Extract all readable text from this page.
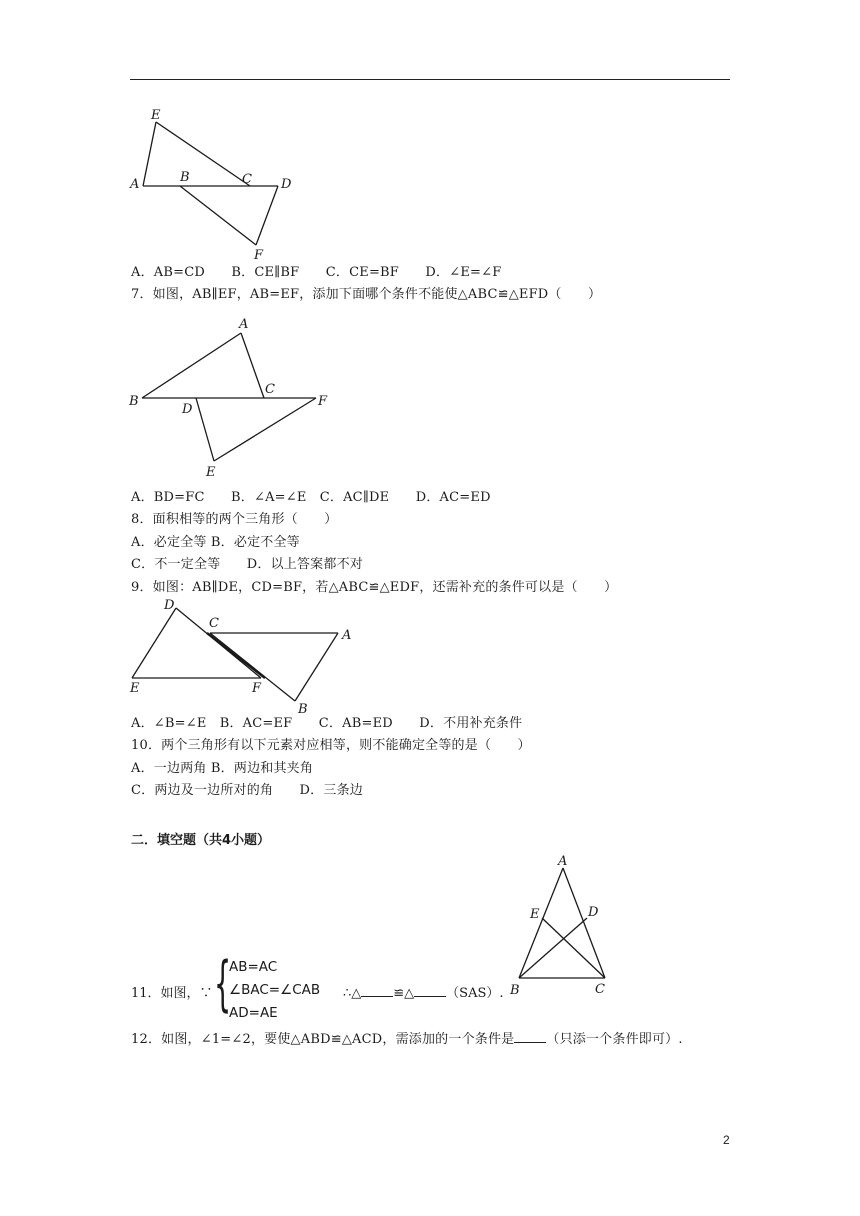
E
A	B	C D
F
A．AB=CD　　B．CE∥BF　　C．CE=BF　　D．∠E=∠F
7．如图，AB∥EF，AB=EF，添加下面哪个条件不能使△ABC≌△EFD（　　）
A
B
C
D
E
F
A．BD=FC　　B．∠A=∠E　C．AC∥DE　　D．AC=ED
8．面积相等的两个三角形（　　）
A．必定全等 B．必定不全等
C．不一定全等　　D．以上答案都不对
9．如图：AB∥DE，CD=BF，若△ABC≌△EDF，还需补充的条件可以是（　　）
D
C
A
E	F
B
A．∠B=∠E　B．AC=EF　　C．AB=ED　　D．不用补充条件
10．两个三角形有以下元素对应相等，则不能确定全等的是（　　）
A．一边两角 B．两边和其夹角
C．两边及一边所对的角　　D．三条边
二．填空题（共4小题）
A
E	D
B	C
11．如图，∵ {
AB=AC
∠BAC=∠CAB
AD=AE
∴△ ≌△ （SAS）.
12．如图，∠1=∠2，要使△ABD≌△ACD，需添加的一个条件是 （只添一个条件即可）.
2
